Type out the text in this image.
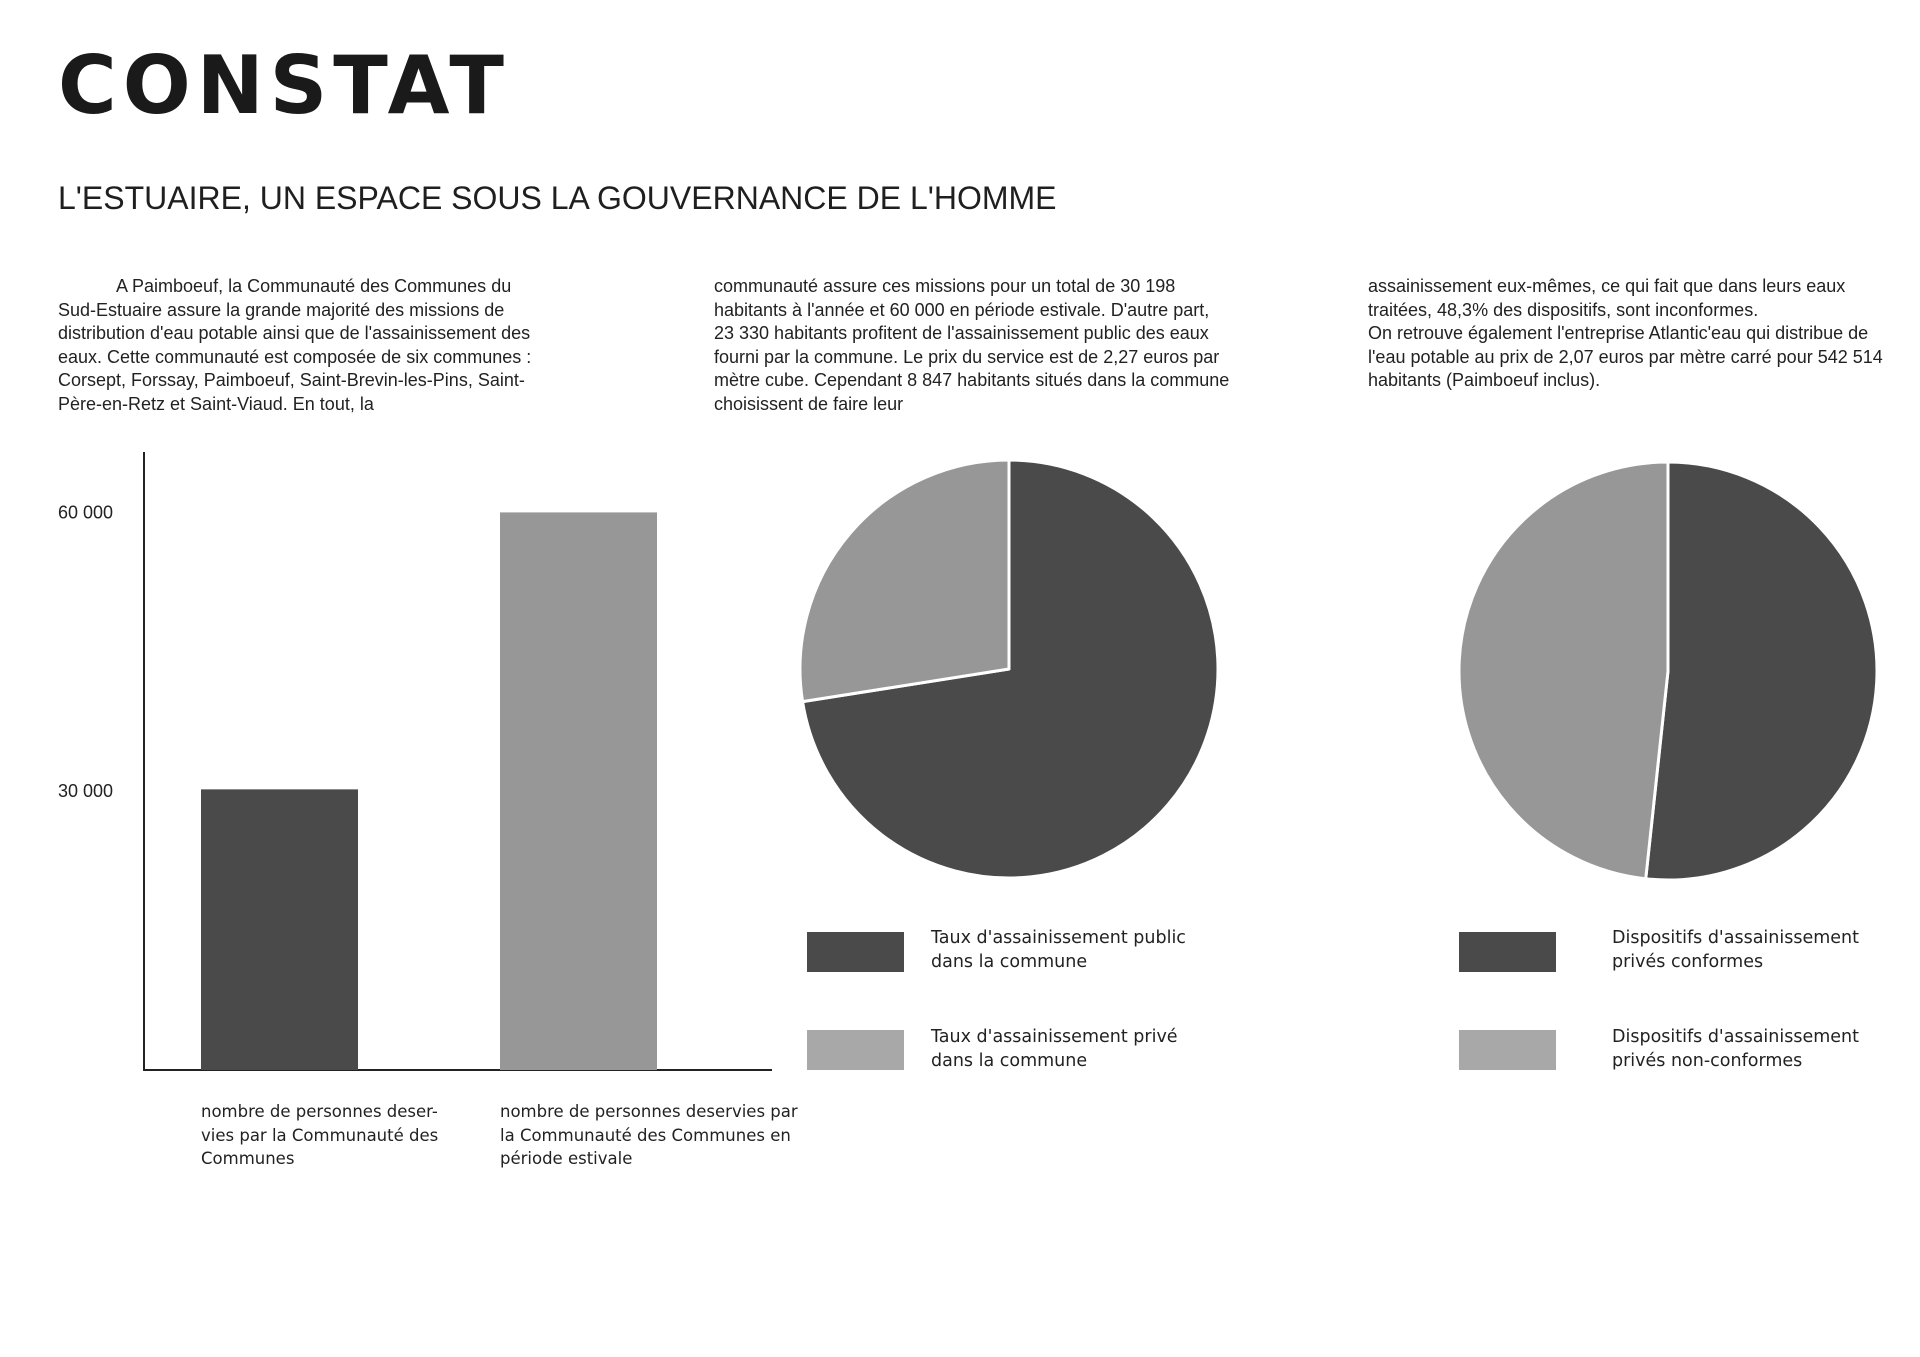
CONSTAT
L'ESTUAIRE, UN ESPACE SOUS LA GOUVERNANCE DE L'HOMME

A Paimboeuf, la Communauté des Communes du Sud-Estuaire assure la grande majorité des missions de distribution d'eau potable ainsi que de l'assainissement des eaux. Cette communauté est composée de six communes : Corsept, Forssay, Paimboeuf, Saint-Brevin-les-Pins, Saint-Père-en-Retz et Saint-Viaud. En tout, la

communauté assure ces missions pour un total de 30 198 habitants à l'année et 60 000 en période estivale. D'autre part, 23 330 habitants profitent de l'assainissement public des eaux fourni par la commune. Le prix du service est de 2,27 euros par mètre cube. Cependant 8 847 habitants situés dans la commune choisissent de faire leur

assainissement eux-mêmes, ce qui fait que dans leurs eaux traitées, 48,3% des dispositifs, sont inconformes.
On retrouve également l'entreprise Atlantic'eau qui distribue de l'eau potable au prix de 2,07 euros par mètre carré pour 542 514 habitants (Paimboeuf inclus).

30 000
60 000

nombre de personnes deser-
vies par la Communauté des
Communes

nombre de personnes deservies par
la Communauté des Communes en
période estivale

Taux d'assainissement public
dans la commune

Taux d'assainissement privé
dans la commune

Dispositifs d'assainissement
privés conformes

Dispositifs d'assainissement
privés non-conformes
